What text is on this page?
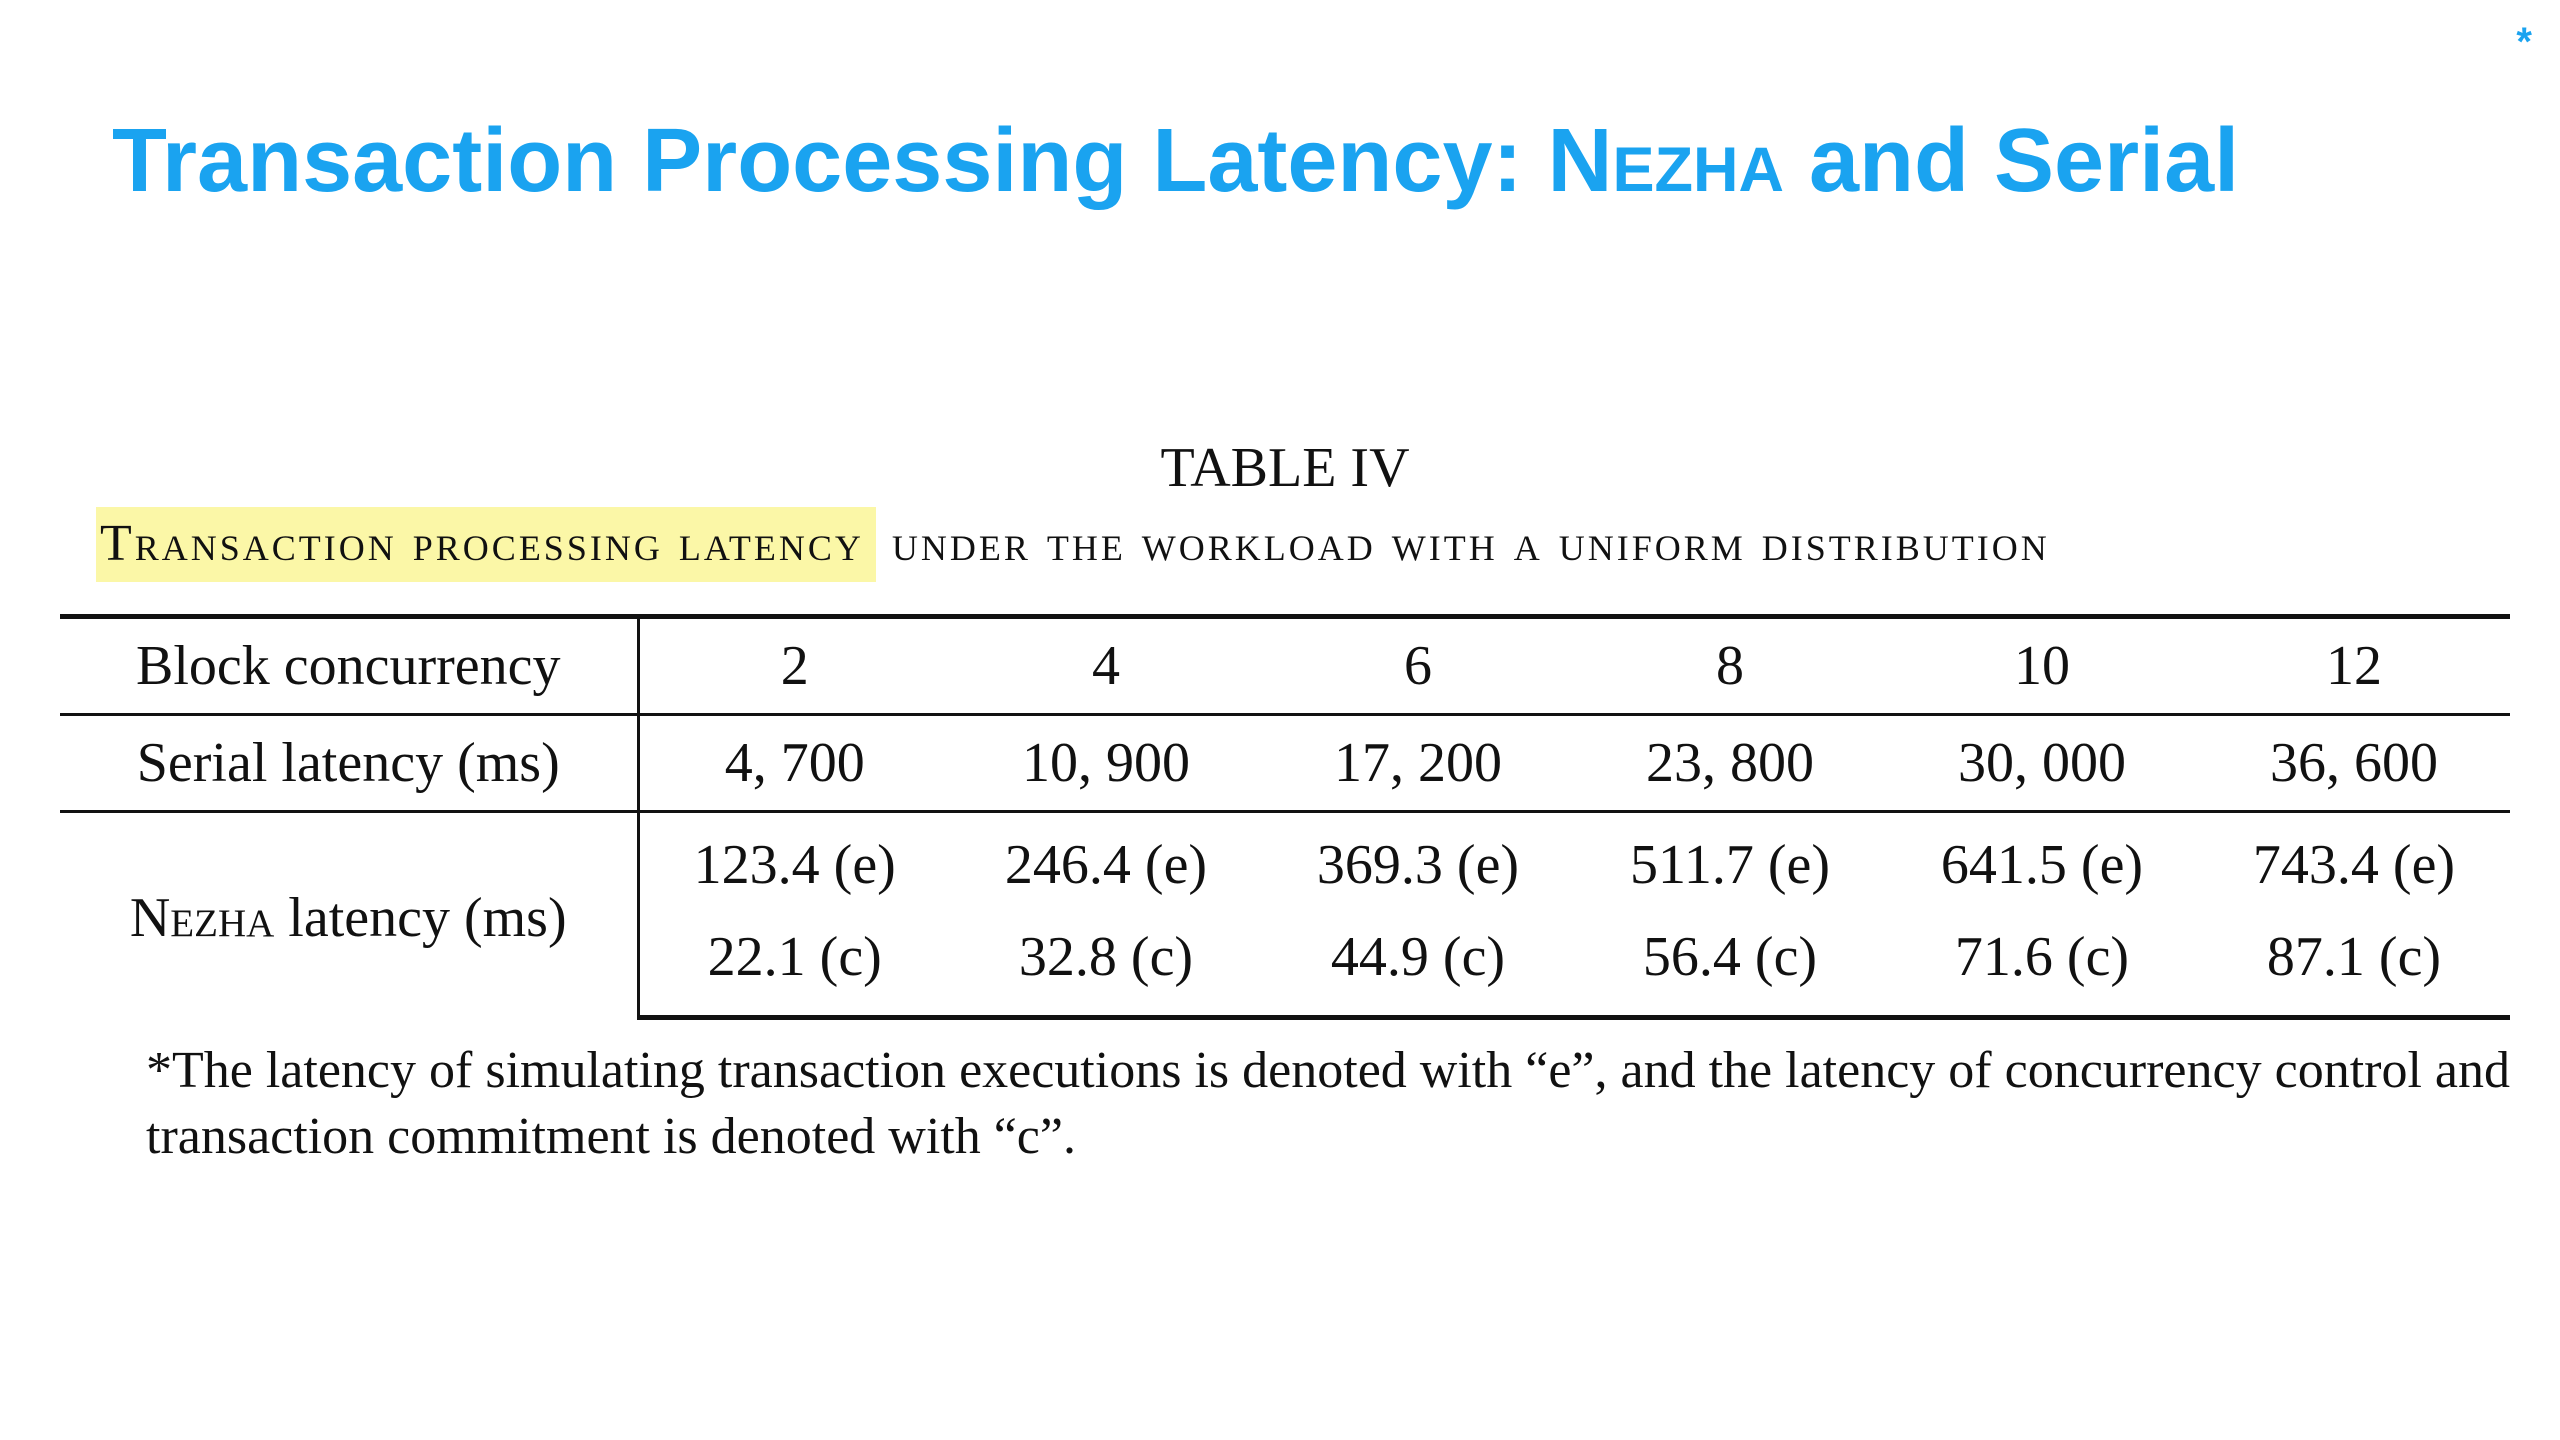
*
Transaction Processing Latency: Nezha and Serial
TABLE IV
Transaction processing latency under the workload with a uniform distribution
Block concurrency	2	4	6	8	10	12
Serial latency (ms)	4, 700	10, 900	17, 200	23, 800	30, 000	36, 600
Nezha latency (ms)	123.4 (e)	246.4 (e)	369.3 (e)	511.7 (e)	641.5 (e)	743.4 (e)
	22.1 (c)	32.8 (c)	44.9 (c)	56.4 (c)	71.6 (c)	87.1 (c)

*The latency of simulating transaction executions is denoted with “e”, and the latency of concurrency control and transaction commitment is denoted with “c”.
